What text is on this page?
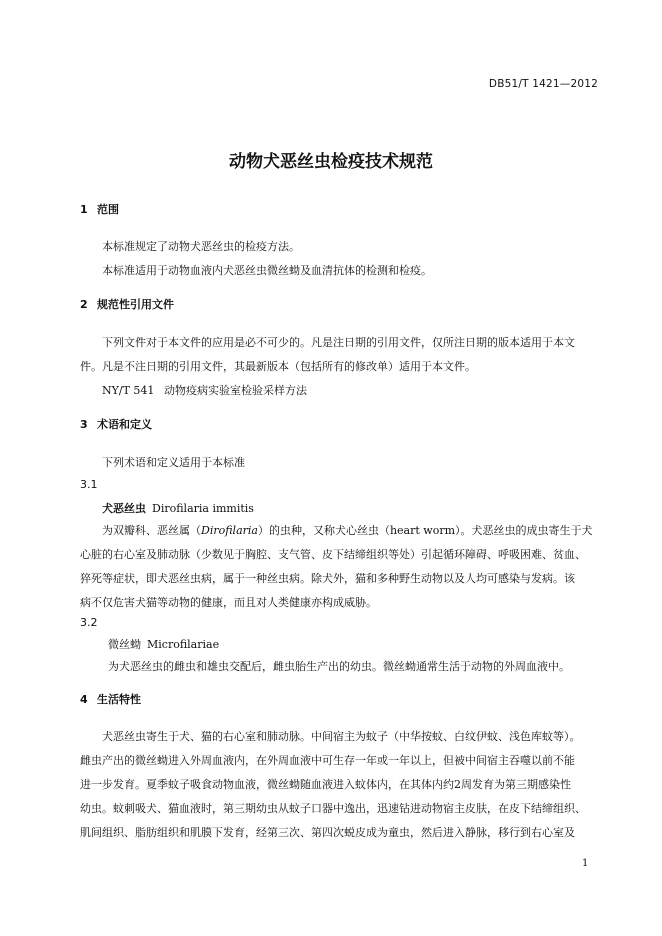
DB51/T 1421—2012
动物犬恶丝虫检疫技术规范
1 范围
本标准规定了动物犬恶丝虫的检疫方法。
本标准适用于动物血液内犬恶丝虫微丝蚴及血清抗体的检测和检疫。
2 规范性引用文件
下列文件对于本文件的应用是必不可少的。凡是注日期的引用文件，仅所注日期的版本适用于本文
件。凡是不注日期的引用文件，其最新版本（包括所有的修改单）适用于本文件。
NY/T 541 动物疫病实验室检验采样方法
3 术语和定义
下列术语和定义适用于本标准
3.1
犬恶丝虫 Dirofilaria immitis
为双瓣科、恶丝属（Dirofilaria）的虫种，又称犬心丝虫（heart worm）。犬恶丝虫的成虫寄生于犬
心脏的右心室及肺动脉（少数见于胸腔、支气管、皮下结缔组织等处）引起循环障碍、呼吸困难、贫血、
猝死等症状，即犬恶丝虫病，属于一种丝虫病。除犬外，猫和多种野生动物以及人均可感染与发病。该
病不仅危害犬猫等动物的健康，而且对人类健康亦构成威胁。
3.2
微丝蚴 Microfilariae
为犬恶丝虫的雌虫和雄虫交配后，雌虫胎生产出的幼虫。微丝蚴通常生活于动物的外周血液中。
4 生活特性
犬恶丝虫寄生于犬、猫的右心室和肺动脉。中间宿主为蚊子（中华按蚊、白纹伊蚊、浅色库蚊等）。
雌虫产出的微丝蚴进入外周血液内，在外周血液中可生存一年或一年以上，但被中间宿主吞噬以前不能
进一步发育。夏季蚊子吸食动物血液，微丝蚴随血液进入蚊体内，在其体内约2周发育为第三期感染性
幼虫。蚊刺吸犬、猫血液时，第三期幼虫从蚊子口器中逸出，迅速钻进动物宿主皮肤，在皮下结缔组织、
肌间组织、脂肪组织和肌膜下发育，经第三次、第四次蜕皮成为童虫，然后进入静脉，移行到右心室及
1
